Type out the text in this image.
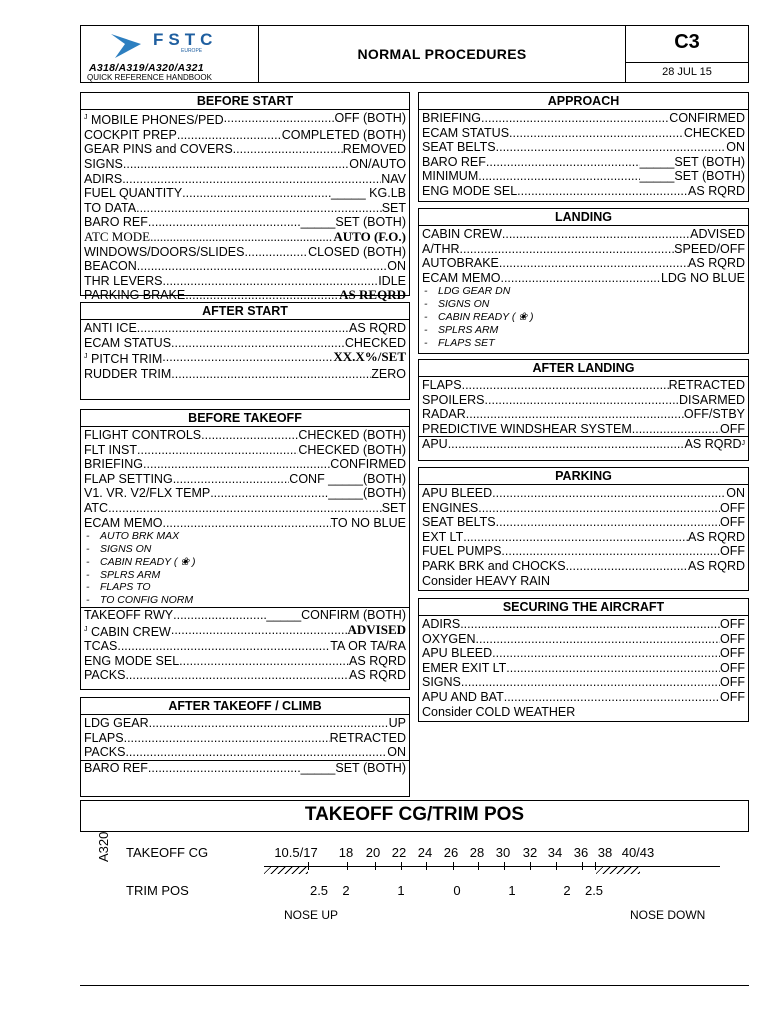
FSTC
EUROPE
A318/A319/A320/A321
QUICK REFERENCE HANDBOOK
NORMAL PROCEDURES
C3
28 JUL 15
BEFORE START
$^J$ MOBILE PHONES/PED .....	OFF (BOTH)
COCKPIT PREP .....	COMPLETED (BOTH)
GEAR PINS and COVERS .....	REMOVED
SIGNS .....	ON/AUTO
ADIRS .....	NAV
FUEL QUANTITY .....	_____ KG.LB
TO DATA .....	SET
BARO REF .....	_____SET (BOTH)
ATC MODE .....	AUTO (F.O.)
WINDOWS/DOORS/SLIDES .....	CLOSED (BOTH)
BEACON .....	ON
THR LEVERS .....	IDLE
PARKING BRAKE .....	AS REQRD
AFTER START
ANTI ICE .....	AS RQRD
ECAM STATUS .....	CHECKED
$^J$ PITCH TRIM .....	XX.X%/SET
RUDDER TRIM .....	ZERO
BEFORE TAKEOFF
FLIGHT CONTROLS .....	CHECKED (BOTH)
FLT INST .....	CHECKED (BOTH)
BRIEFING .....	CONFIRMED
FLAP SETTING .....	CONF _____(BOTH)
V1. VR. V2/FLX TEMP .....	_____(BOTH)
ATC .....	SET
ECAM MEMO .....	TO NO BLUE
-	AUTO BRK MAX
-	SIGNS ON
-	CABIN READY ( ❀ )
-	SPLRS ARM
-	FLAPS TO
-	TO CONFIG NORM
TAKEOFF RWY .....	_____CONFIRM (BOTH)
$^J$ CABIN CREW .....	ADVISED
TCAS .....	TA OR TA/RA
ENG MODE SEL .....	AS RQRD
PACKS .....	AS RQRD
AFTER TAKEOFF / CLIMB
LDG GEAR .....	UP
FLAPS .....	RETRACTED
PACKS .....	ON
BARO REF .....	_____SET (BOTH)
APPROACH
BRIEFING .....	CONFIRMED
ECAM STATUS .....	CHECKED
SEAT BELTS .....	ON
BARO REF .....	_____SET (BOTH)
MINIMUM .....	_____SET (BOTH)
ENG MODE SEL .....	AS RQRD
LANDING
CABIN CREW .....	ADVISED
A/THR .....	SPEED/OFF
AUTOBRAKE .....	AS RQRD
ECAM MEMO .....	LDG NO BLUE
-	LDG GEAR DN
-	SIGNS ON
-	CABIN READY ( ❀ )
-	SPLRS ARM
-	FLAPS SET
AFTER LANDING
FLAPS .....	RETRACTED
SPOILERS .....	DISARMED
RADAR .....	OFF/STBY
PREDICTIVE WINDSHEAR SYSTEM .....	OFF
APU .....	AS RQRD J
PARKING
APU BLEED .....	ON
ENGINES .....	OFF
SEAT BELTS .....	OFF
EXT LT .....	AS RQRD
FUEL PUMPS .....	OFF
PARK BRK and CHOCKS .....	AS RQRD
Consider HEAVY RAIN
SECURING THE AIRCRAFT
ADIRS .....	OFF
OXYGEN .....	OFF
APU BLEED .....	OFF
EMER EXIT LT .....	OFF
SIGNS .....	OFF
APU AND BAT .....	OFF
Consider COLD WEATHER
TAKEOFF CG/TRIM POS
A320 TAKEOFF CG
TRIM POS
10.5/17 18 20 22 24 26 28 30 32 34 36 38 40/43
2.5 2	1	0	1	2 2.5
NOSE UP	NOSE DOWN
